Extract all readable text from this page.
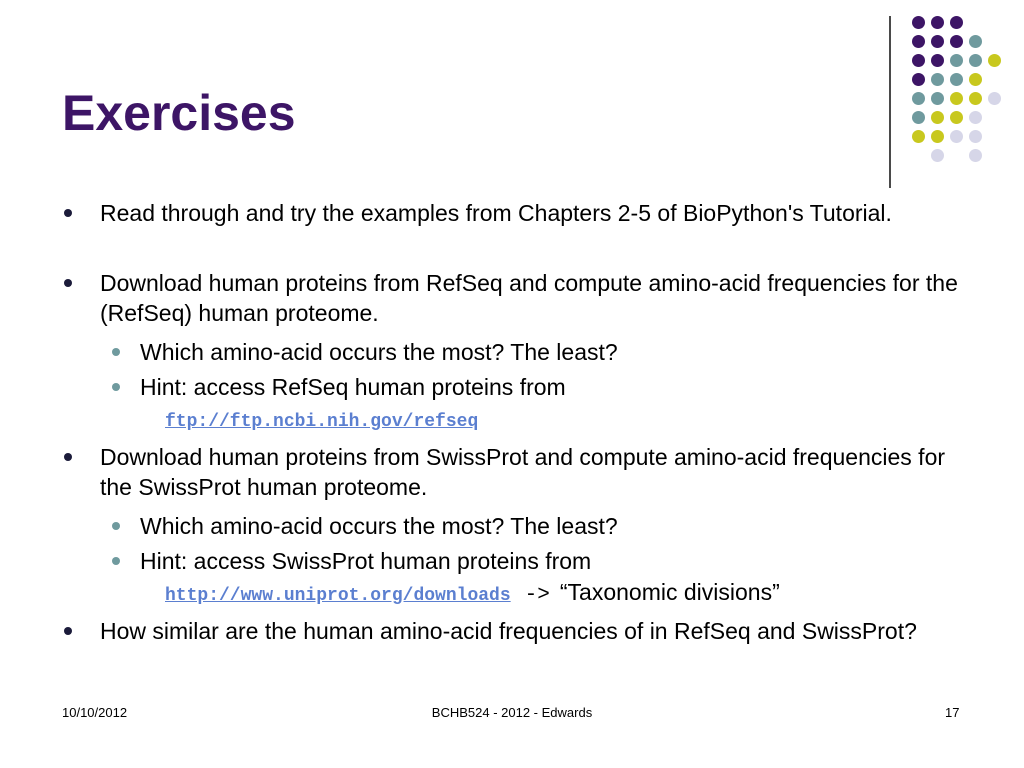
Exercises

Read through and try the examples from Chapters 2-5 of BioPython's Tutorial.

Download human proteins from RefSeq and compute amino-acid frequencies for the (RefSeq) human proteome.

Which amino-acid occurs the most? The least?

Hint: access RefSeq human proteins from

ftp://ftp.ncbi.nih.gov/refseq

Download human proteins from SwissProt and compute amino-acid frequencies for the SwissProt human proteome.

Which amino-acid occurs the most? The least?

Hint: access SwissProt human proteins from

http://www.uniprot.org/downloads -> “Taxonomic divisions”

How similar are the human amino-acid frequencies of in RefSeq and SwissProt?

10/10/2012	BCHB524 - 2012 - Edwards	17
